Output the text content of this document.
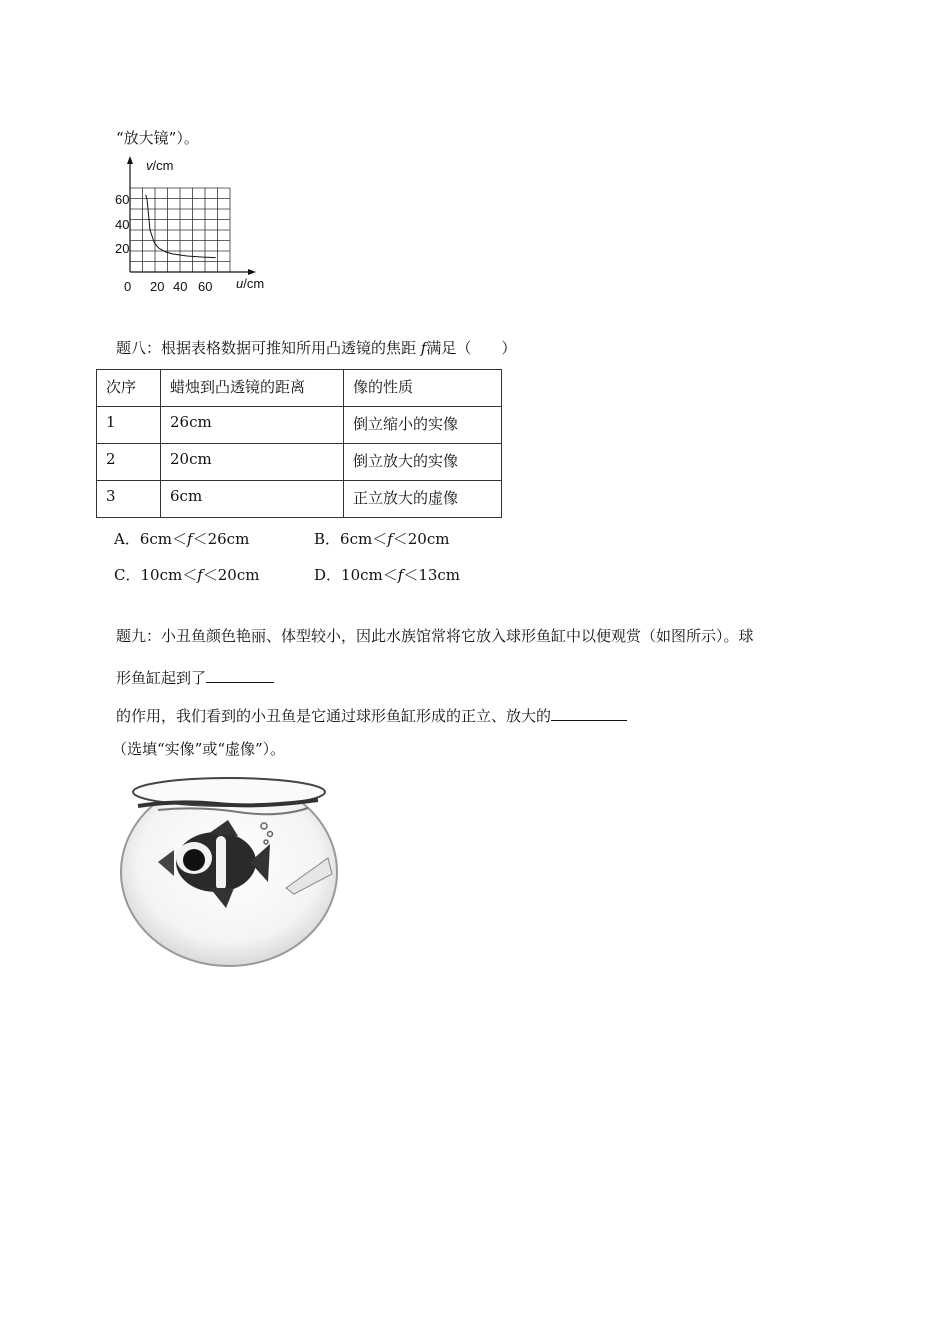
“放大镜”）。
v/cm
u/cm
60
40
20
0 20 40 60
题八：根据表格数据可推知所用凸透镜的焦距 f满足（　　）
次序	蜡烛到凸透镜的距离	像的性质
1	26cm	倒立缩小的实像
2	20cm	倒立放大的实像
3	6cm	正立放大的虚像
A．6cm＜f＜26cm	B．6cm＜f＜20cm
C．10cm＜f＜20cm	D．10cm＜f＜13cm
题九：小丑鱼颜色艳丽、体型较小，因此水族馆常将它放入球形鱼缸中以便观赏（如图所示）。球
形鱼缸起到了
的作用，我们看到的小丑鱼是它通过球形鱼缸形成的正立、放大的
（选填“实像”或“虚像”）。
